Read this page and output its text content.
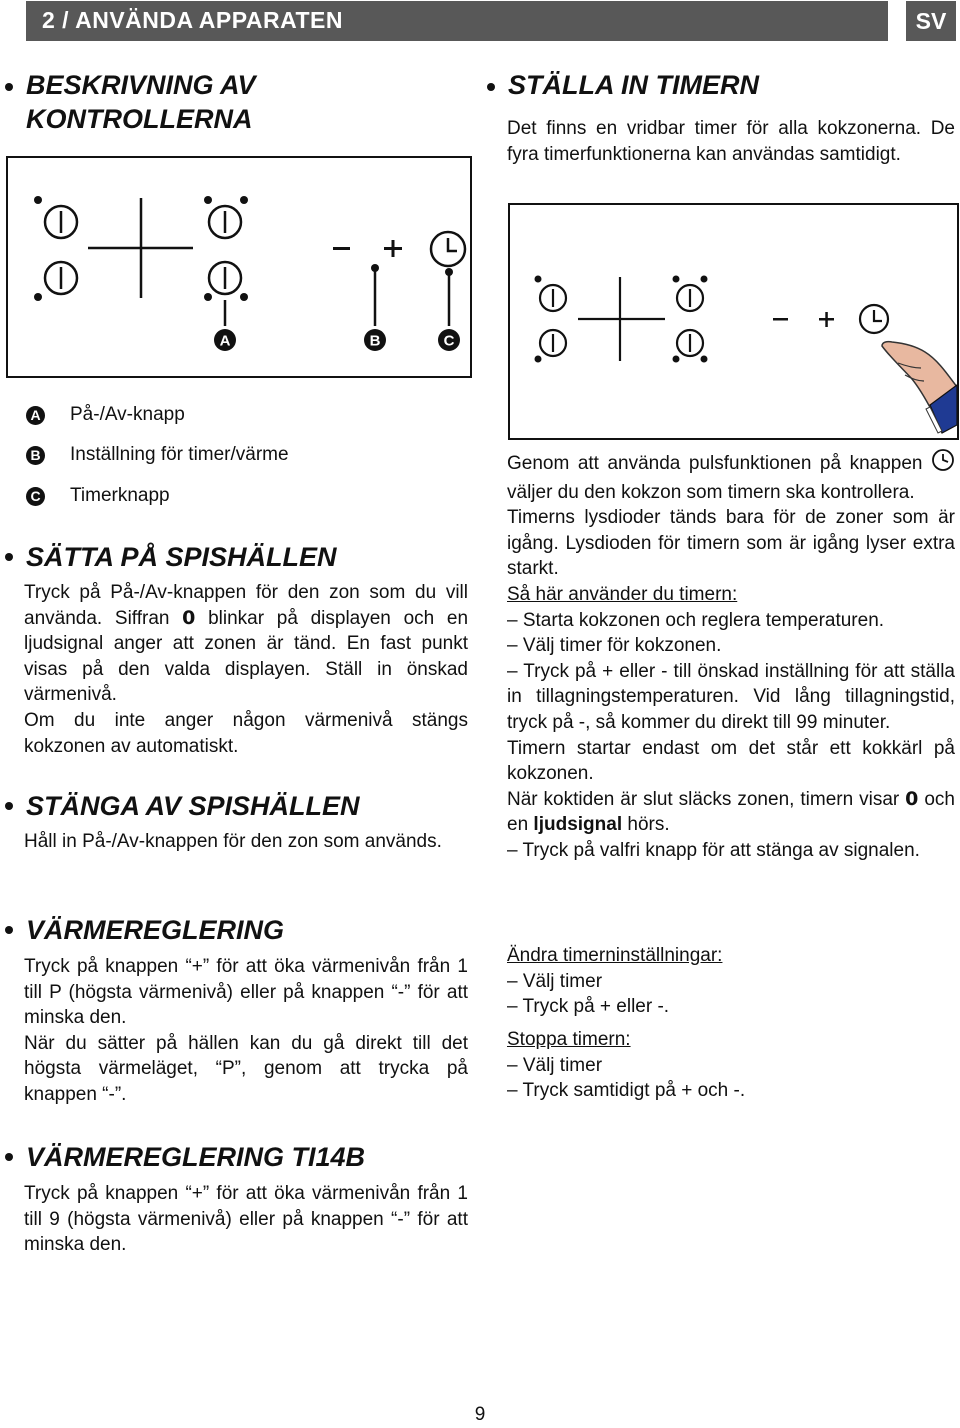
2 / ANVÄNDA APPARATEN	SV
BESKRIVNING AV
KONTROLLERNA
A	B	C
A På-/Av-knapp
B Inställning för timer/värme
C Timerknapp
SÄTTA PÅ SPISHÄLLEN
Tryck på På-/Av-knappen för den zon som du vill använda. Siffran 0 blinkar på displayen och en ljudsignal anger att zonen är tänd. En fast punkt visas på den valda displayen. Ställ in önskad värmenivå.
Om du inte anger någon värmenivå stängs kokzonen av automatiskt.
STÄNGA AV SPISHÄLLEN
Håll in På-/Av-knappen för den zon som används.
VÄRMEREGLERING
Tryck på knappen “+” för att öka värmenivån från 1 till P (högsta värmenivå) eller på knappen “-” för att minska den.
När du sätter på hällen kan du gå direkt till det högsta värmeläget, “P”, genom att trycka på knappen “-”.
VÄRMEREGLERING TI14B
Tryck på knappen “+” för att öka värmenivån från 1 till 9 (högsta värmenivå) eller på knappen “-” för att minska den.
STÄLLA IN TIMERN
Det finns en vridbar timer för alla kokzonerna. De fyra timerfunktionerna kan användas samtidigt.
Genom att använda pulsfunktionen på knappen  väljer du den kokzon som timern ska kontrollera.
Timerns lysdioder tänds bara för de zoner som är igång. Lysdioden för timern som är igång lyser extra starkt.
Så här använder du timern:
– Starta kokzonen och reglera temperaturen.
– Välj timer för kokzonen.
– Tryck på + eller - till önskad inställning för att ställa in tillagningstemperaturen. Vid lång tillagningstid, tryck på -, så kommer du direkt till 99 minuter.
Timern startar endast om det står ett kokkärl på kokzonen.
När koktiden är slut släcks zonen, timern visar 0 och en ljudsignal hörs.
– Tryck på valfri knapp för att stänga av signalen.
Ändra timerninställningar:
– Välj timer
– Tryck på + eller -.
Stoppa timern:
– Välj timer
– Tryck samtidigt på + och -.
9
